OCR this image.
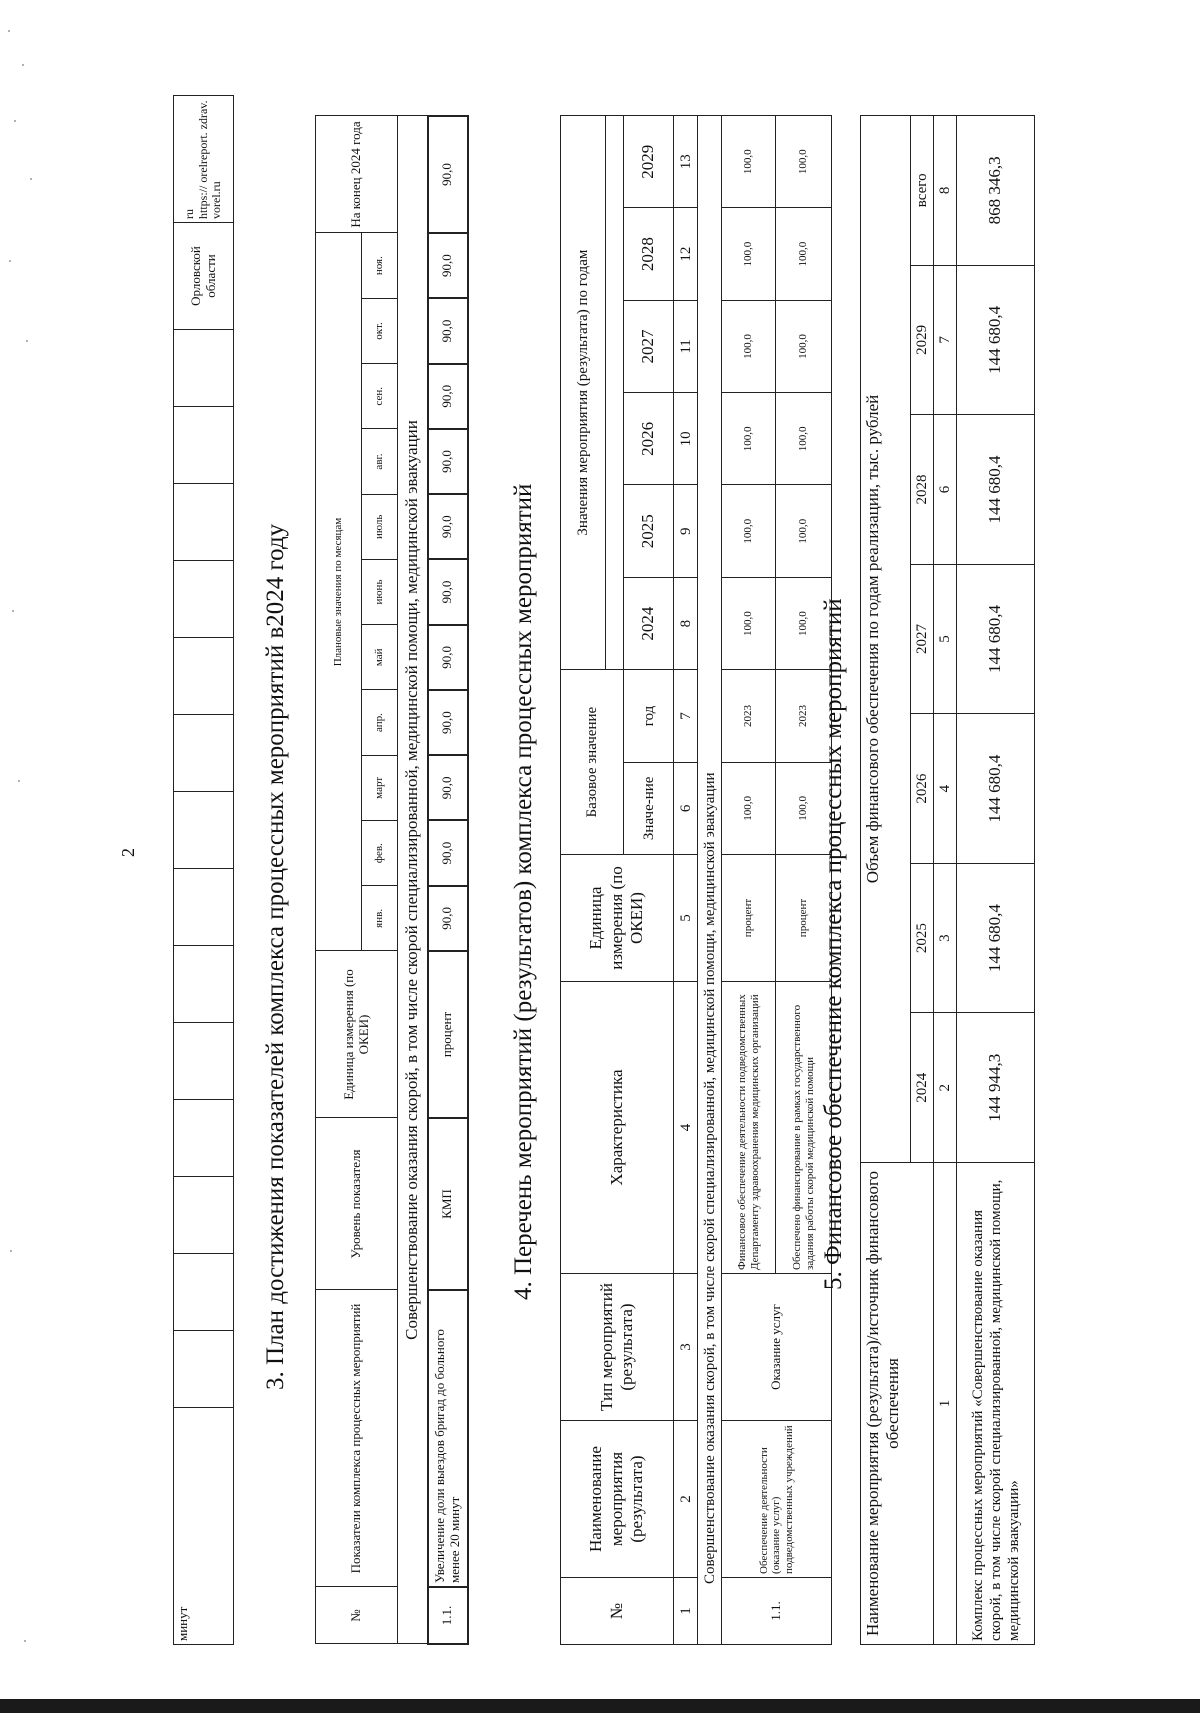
2
минут															Орловской области	
ru https:// orelreport. zdrav. vorel.ru
3. План достижения показателей комплекса процессных мероприятий в2024 году
№	Показатели комплекса процессных мероприятий	Уровень показателя	Единица измерения (по ОКЕИ)	Плановые значения по месяцам											На конец 2024 года
				янв.	фев.	март	апр.	май	июнь	июль	авг.	сен.	окт.	ноя.	
Совершенствование оказания скорой, в том числе скорой специализированной, медицинской помощи, медицинской эвакуации															
1.1.	Увеличение доли выездов бригад до больного менее 20 минут	КМП	процент	90,0	90,0	90,0	90,0	90,0	90,0	90,0	90,0	90,0	90,0	90,0	90,0
4. Перечень мероприятий (результатов) комплекса процессных мероприятий
№	Наименование мероприятия (результата)	Тип мероприятий (результата)	Характеристика	Единица измерения (по ОКЕИ)	Базовое значение		Значения мероприятия (результата) по годам					

					Значе-ние	год	2024	2025	2026	2027	2028	2029
1	2	3	4	5	6	7	8	9	10	11	12	13
Совершенствование оказания скорой, в том числе скорой специализированной, медицинской помощи, медицинской эвакуации												
1.1.	Обеспечение деятельности (оказание услуг) подведомственных учреждений	Оказание услуг	Финансовое обеспечение деятельности подведомственных Департаменту здравоохранения медицинских организаций	процент	100,0	2023	100,0	100,0	100,0	100,0	100,0	100,0
			Обеспечено финансирование в рамках государственного задания работы скорой медицинской помощи	процент	100,0	2023	100,0	100,0	100,0	100,0	100,0	100,0
5. Финансовое обеспечение комплекса процессных мероприятий
Наименование мероприятия (результата)/источник финансового обеспечения	Объем финансового обеспечения по годам реализации, тыс. рублей						
	2024	2025	2026	2027	2028	2029	всего
1	2	3	4	5	6	7	8
Комплекс процессных мероприятий «Совершенствование оказания скорой, в том числе скорой специализированной, медицинской помощи, медицинской эвакуации»	144 944,3	144 680,4	144 680,4	144 680,4	144 680,4	144 680,4	868 346,3
